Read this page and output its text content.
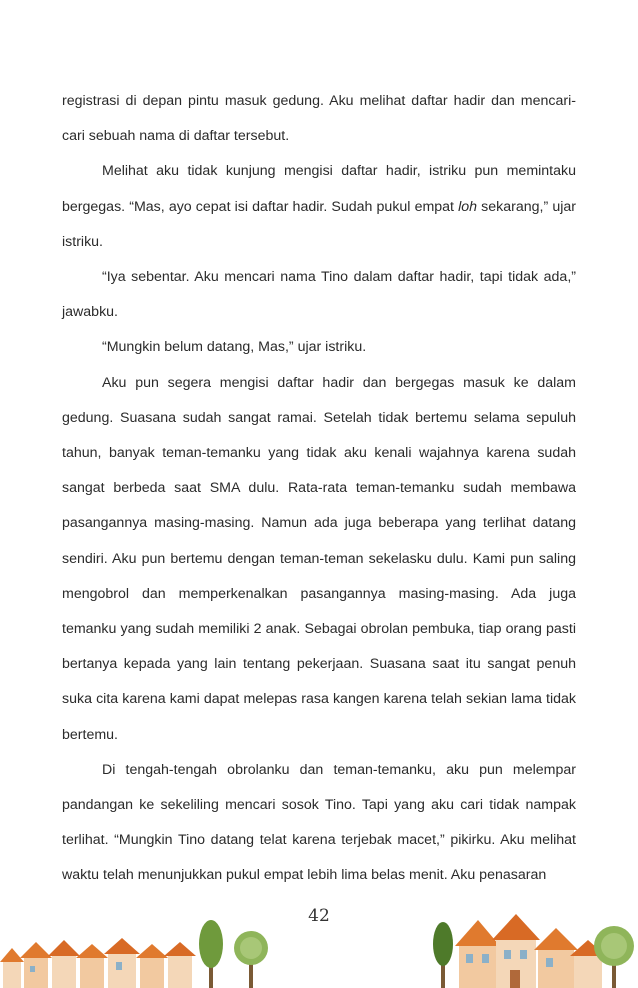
registrasi di depan pintu masuk gedung. Aku melihat daftar hadir dan mencari-cari sebuah nama di daftar tersebut.

Melihat aku tidak kunjung mengisi daftar hadir, istriku pun memintaku bergegas. “Mas, ayo cepat isi daftar hadir. Sudah pukul empat loh sekarang,” ujar istriku.

“Iya sebentar. Aku mencari nama Tino dalam daftar hadir, tapi tidak ada,” jawabku.

“Mungkin belum datang, Mas,” ujar istriku.

Aku pun segera mengisi daftar hadir dan bergegas masuk ke dalam gedung. Suasana sudah sangat ramai. Setelah tidak bertemu selama sepuluh tahun, banyak teman-temanku yang tidak aku kenali wajahnya karena sudah sangat berbeda saat SMA dulu. Rata-rata teman-temanku sudah membawa pasangannya masing-masing. Namun ada juga beberapa yang terlihat datang sendiri. Aku pun bertemu dengan teman-teman sekelasku dulu. Kami pun saling mengobrol dan memperkenalkan pasangannya masing-masing. Ada juga temanku yang sudah memiliki 2 anak. Sebagai obrolan pembuka, tiap orang pasti bertanya kepada yang lain tentang pekerjaan. Suasana saat itu sangat penuh suka cita karena kami dapat melepas rasa kangen karena telah sekian lama tidak bertemu.

Di tengah-tengah obrolanku dan teman-temanku, aku pun melempar pandangan ke sekeliling mencari sosok Tino. Tapi yang aku cari tidak nampak terlihat. “Mungkin Tino datang telat karena terjebak macet,” pikirku. Aku melihat waktu telah menunjukkan pukul empat lebih lima belas menit. Aku penasaran

42
